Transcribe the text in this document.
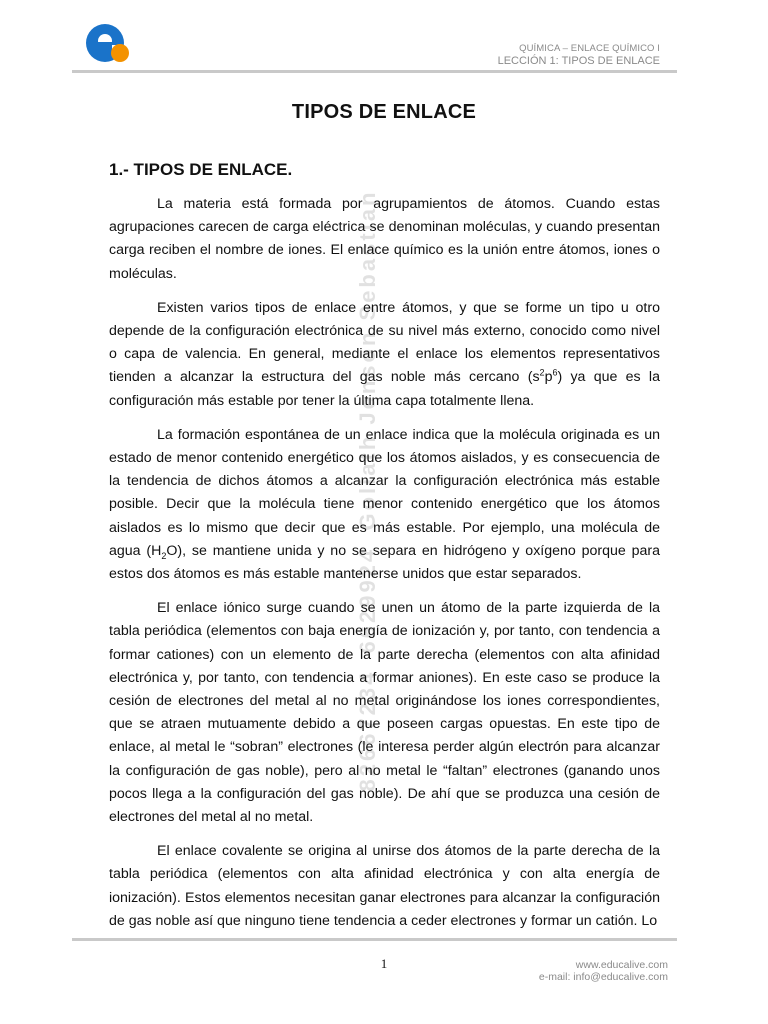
QUÍMICA – ENLACE QUÍMICO I
LECCIÓN 1: TIPOS DE ENLACE
82667234
6629924
Goliath Jenson Sebastian
TIPOS DE ENLACE
1.- TIPOS DE ENLACE.

La materia está formada por agrupamientos de átomos. Cuando estas agrupaciones carecen de carga eléctrica se denominan moléculas, y cuando presentan carga reciben el nombre de iones. El enlace químico es la unión entre átomos, iones o moléculas.

Existen varios tipos de enlace entre átomos, y que se forme un tipo u otro depende de la configuración electrónica de su nivel más externo, conocido como nivel o capa de valencia. En general, mediante el enlace los elementos representativos tienden a alcanzar la estructura del gas noble más cercano $(s^2p^6)$ ya que es la configuración más estable por tener la última capa totalmente llena.

La formación espontánea de un enlace indica que la molécula originada es un estado de menor contenido energético que los átomos aislados, y es consecuencia de la tendencia de dichos átomos a alcanzar la configuración electrónica más estable posible. Decir que la molécula tiene menor contenido energético que los átomos aislados es lo mismo que decir que es más estable. Por ejemplo, una molécula de agua $(H_2O)$, se mantiene unida y no se separa en hidrógeno y oxígeno porque para estos dos átomos es más estable mantenerse unidos que estar separados.

El enlace iónico surge cuando se unen un átomo de la parte izquierda de la tabla periódica (elementos con baja energía de ionización y, por tanto, con tendencia a formar cationes) con un elemento de la parte derecha (elementos con alta afinidad electrónica y, por tanto, con tendencia a formar aniones). En este caso se produce la cesión de electrones del metal al no metal originándose los iones correspondientes, que se atraen mutuamente debido a que poseen cargas opuestas. En este tipo de enlace, al metal le “sobran” electrones (le interesa perder algún electrón para alcanzar la configuración de gas noble), pero al no metal le “faltan” electrones (ganando unos pocos llega a la configuración del gas noble). De ahí que se produzca una cesión de electrones del metal al no metal.

El enlace covalente se origina al unirse dos átomos de la parte derecha de la tabla periódica (elementos con alta afinidad electrónica y con alta energía de ionización). Estos elementos necesitan ganar electrones para alcanzar la configuración de gas noble así que ninguno tiene tendencia a ceder electrones y formar un catión. Lo

1	www.educalive.com
e-mail: info@educalive.com
